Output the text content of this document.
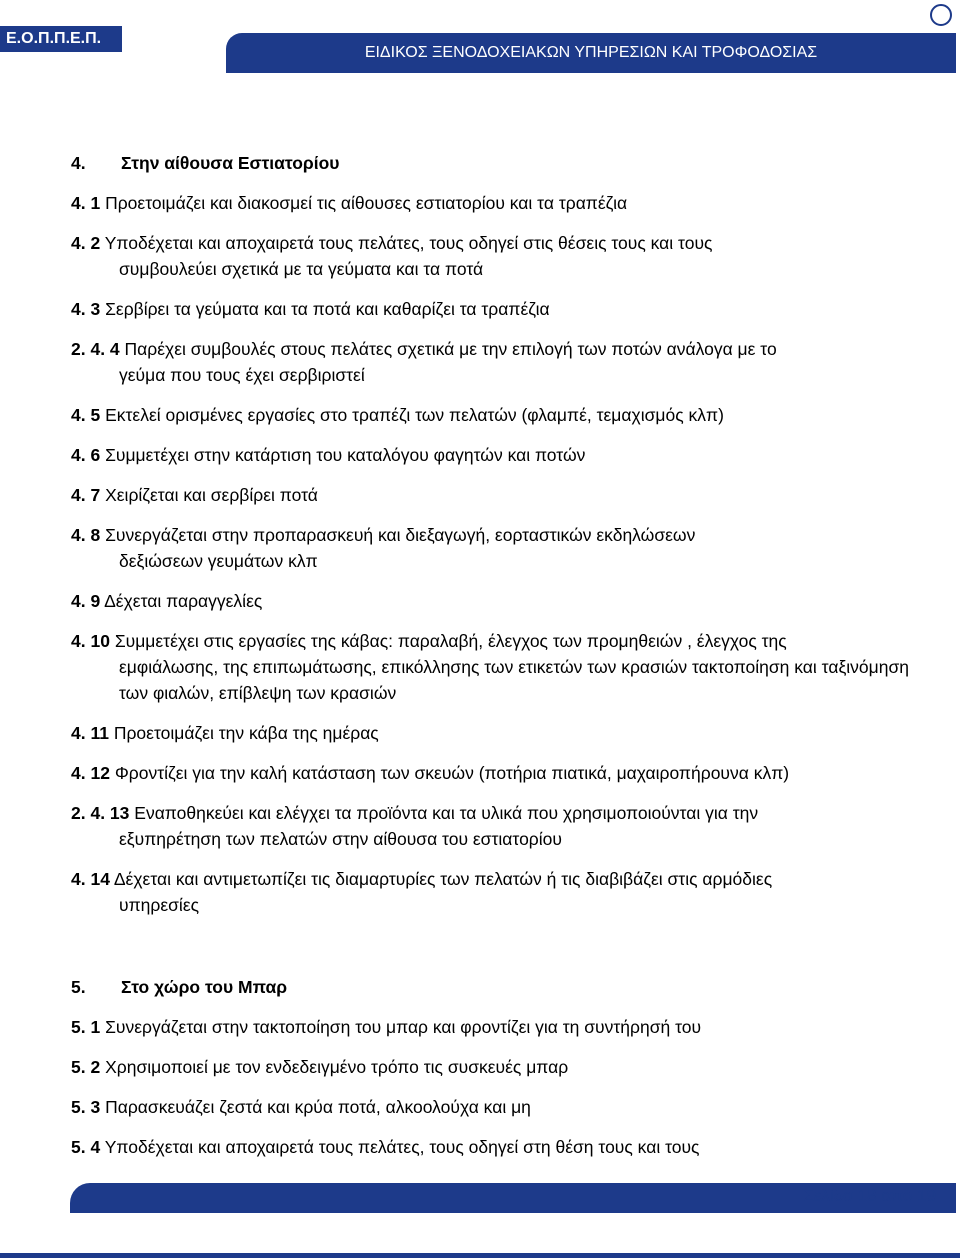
Ε.Ο.Π.Π.Ε.Π.
ΕΙΔΙΚΟΣ ΞΕΝΟΔΟΧΕΙΑΚΩΝ ΥΠΗΡΕΣΙΩΝ ΚΑΙ ΤΡΟΦΟΔΟΣΙΑΣ
4. Στην αίθουσα Εστιατορίου
4. 1 Προετοιμάζει και διακοσμεί τις αίθουσες εστιατορίου και τα τραπέζια
4. 2 Υποδέχεται και αποχαιρετά τους πελάτες, τους οδηγεί στις θέσεις τους και τους
συμβουλεύει σχετικά με τα γεύματα και τα ποτά
4. 3 Σερβίρει τα γεύματα και τα ποτά και καθαρίζει τα τραπέζια
2. 4. 4 Παρέχει συμβουλές στους πελάτες σχετικά με την επιλογή των ποτών ανάλογα με το
γεύμα που τους έχει σερβιριστεί
4. 5 Εκτελεί ορισμένες εργασίες στο τραπέζι των πελατών (φλαμπέ, τεμαχισμός κλπ)
4. 6 Συμμετέχει στην κατάρτιση του καταλόγου φαγητών και ποτών
4. 7 Χειρίζεται και σερβίρει ποτά
4. 8 Συνεργάζεται στην προπαρασκευή και διεξαγωγή, εορταστικών εκδηλώσεων
δεξιώσεων γευμάτων κλπ
4. 9 Δέχεται παραγγελίες
4. 10 Συμμετέχει στις εργασίες της κάβας: παραλαβή, έλεγχος των προμηθειών , έλεγχος της
εμφιάλωσης, της επιπωμάτωσης, επικόλλησης των ετικετών των κρασιών τακτοποίηση και ταξινόμηση των φιαλών, επίβλεψη των κρασιών
4. 11 Προετοιμάζει την κάβα της ημέρας
4. 12 Φροντίζει για την καλή κατάσταση των σκευών (ποτήρια πιατικά, μαχαιροπήρουνα κλπ)
2. 4. 13 Εναποθηκεύει και ελέγχει τα προϊόντα και τα υλικά που χρησιμοποιούνται για την
εξυπηρέτηση των πελατών στην αίθουσα του εστιατορίου
4. 14 Δέχεται και αντιμετωπίζει τις διαμαρτυρίες των πελατών ή τις διαβιβάζει στις αρμόδιες
υπηρεσίες
5. Στο χώρο του Μπαρ
5. 1 Συνεργάζεται στην τακτοποίηση του μπαρ και φροντίζει για τη συντήρησή του
5. 2 Χρησιμοποιεί με τον ενδεδειγμένο τρόπο τις συσκευές μπαρ
5. 3 Παρασκευάζει ζεστά και κρύα ποτά, αλκοολούχα και μη
5. 4 Υποδέχεται και αποχαιρετά τους πελάτες, τους οδηγεί στη θέση τους και τους
Σελίδα 18 από 19
